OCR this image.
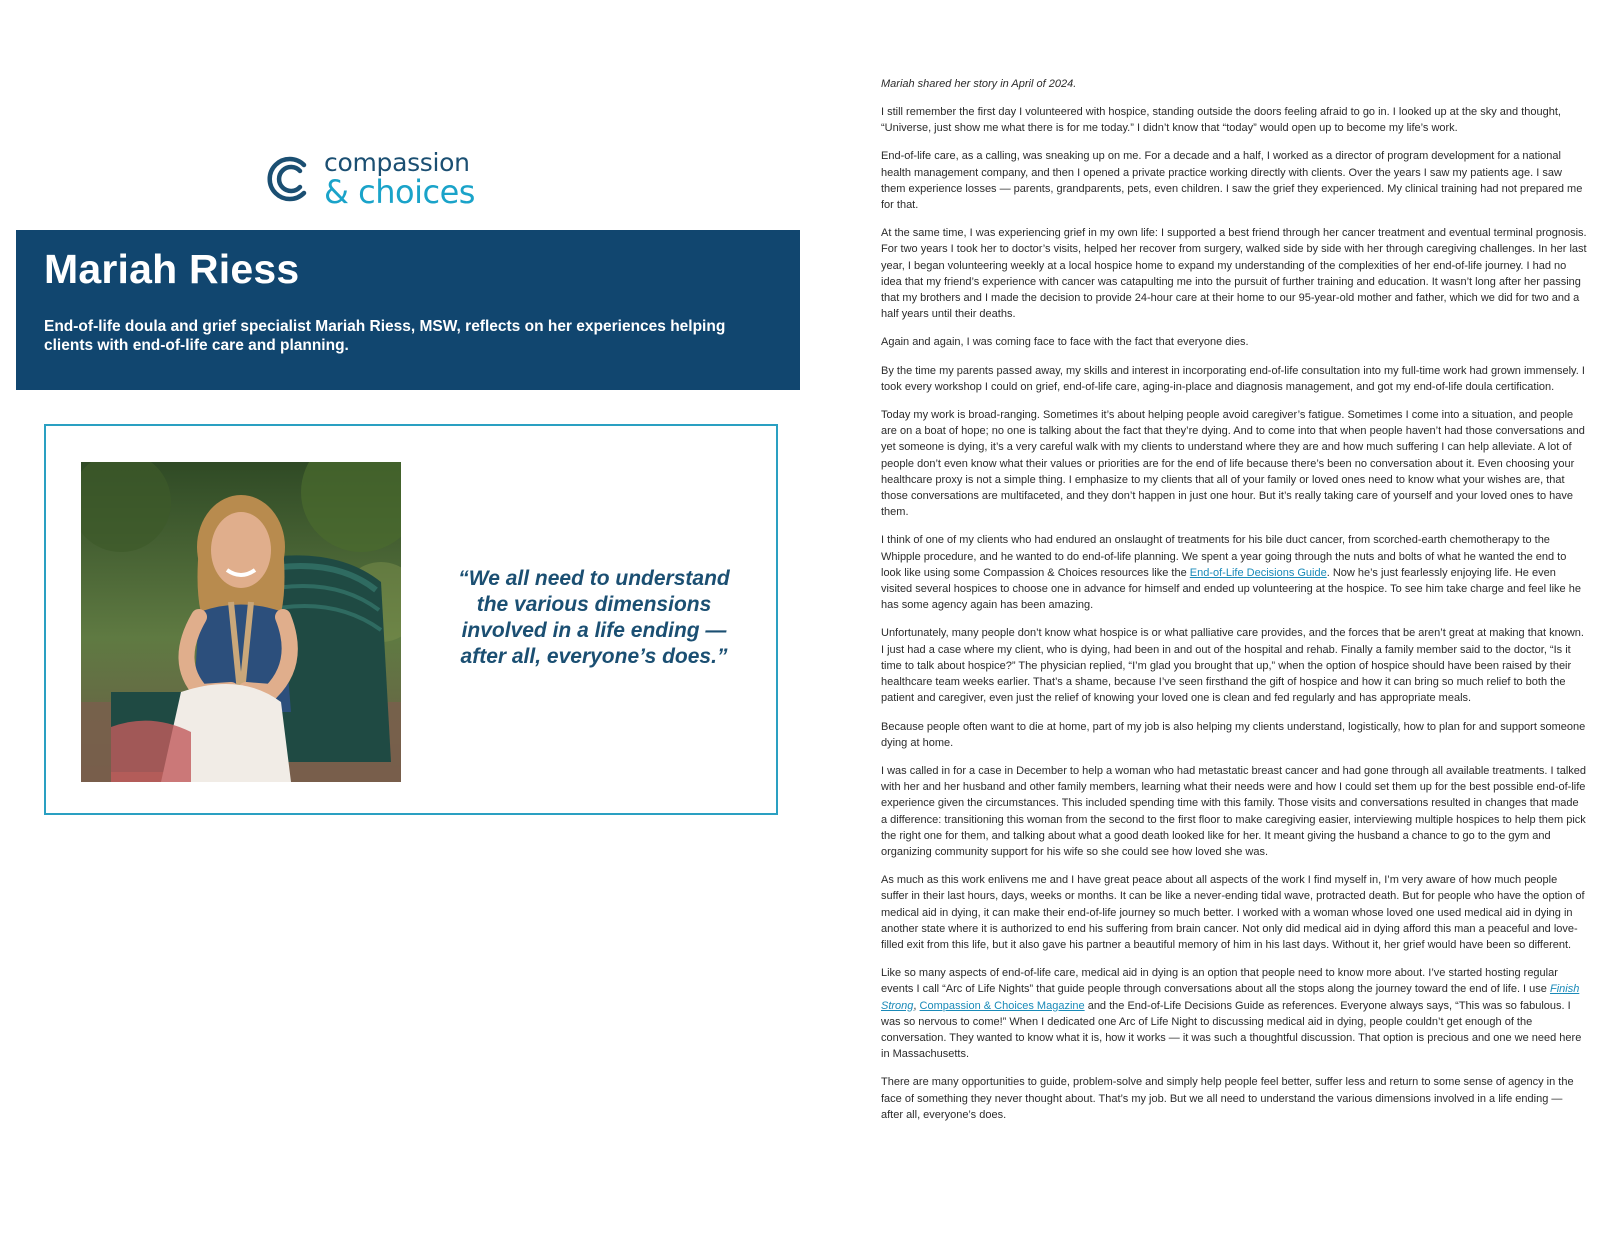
compassion
& choices
Mariah Riess

End-of-life doula and grief specialist Mariah Riess, MSW, reflects on her experiences helping clients with end-of-life care and planning.

“We all need to understand the various dimensions involved in a life ending — after all, everyone’s does.”

Mariah shared her story in April of 2024.

I still remember the first day I volunteered with hospice, standing outside the doors feeling afraid to go in. I looked up at the sky and thought, “Universe, just show me what there is for me today.” I didn’t know that “today” would open up to become my life’s work.

End-of-life care, as a calling, was sneaking up on me. For a decade and a half, I worked as a director of program development for a national health management company, and then I opened a private practice working directly with clients. Over the years I saw my patients age. I saw them experience losses — parents, grandparents, pets, even children. I saw the grief they experienced. My clinical training had not prepared me for that.

At the same time, I was experiencing grief in my own life: I supported a best friend through her cancer treatment and eventual terminal prognosis. For two years I took her to doctor’s visits, helped her recover from surgery, walked side by side with her through caregiving challenges. In her last year, I began volunteering weekly at a local hospice home to expand my understanding of the complexities of her end-of-life journey. I had no idea that my friend’s experience with cancer was catapulting me into the pursuit of further training and education. It wasn’t long after her passing that my brothers and I made the decision to provide 24-hour care at their home to our 95-year-old mother and father, which we did for two and a half years until their deaths.

Again and again, I was coming face to face with the fact that everyone dies.

By the time my parents passed away, my skills and interest in incorporating end-of-life consultation into my full-time work had grown immensely. I took every workshop I could on grief, end-of-life care, aging-in-place and diagnosis management, and got my end-of-life doula certification.

Today my work is broad-ranging. Sometimes it’s about helping people avoid caregiver’s fatigue. Sometimes I come into a situation, and people are on a boat of hope; no one is talking about the fact that they’re dying. And to come into that when people haven’t had those conversations and yet someone is dying, it’s a very careful walk with my clients to understand where they are and how much suffering I can help alleviate. A lot of people don’t even know what their values or priorities are for the end of life because there’s been no conversation about it. Even choosing your healthcare proxy is not a simple thing. I emphasize to my clients that all of your family or loved ones need to know what your wishes are, that those conversations are multifaceted, and they don’t happen in just one hour. But it’s really taking care of yourself and your loved ones to have them.

I think of one of my clients who had endured an onslaught of treatments for his bile duct cancer, from scorched-earth chemotherapy to the Whipple procedure, and he wanted to do end-of-life planning. We spent a year going through the nuts and bolts of what he wanted the end to look like using some Compassion & Choices resources like the End-of-Life Decisions Guide. Now he’s just fearlessly enjoying life. He even visited several hospices to choose one in advance for himself and ended up volunteering at the hospice. To see him take charge and feel like he has some agency again has been amazing.

Unfortunately, many people don’t know what hospice is or what palliative care provides, and the forces that be aren’t great at making that known. I just had a case where my client, who is dying, had been in and out of the hospital and rehab. Finally a family member said to the doctor, “Is it time to talk about hospice?” The physician replied, “I’m glad you brought that up,” when the option of hospice should have been raised by their healthcare team weeks earlier. That’s a shame, because I’ve seen firsthand the gift of hospice and how it can bring so much relief to both the patient and caregiver, even just the relief of knowing your loved one is clean and fed regularly and has appropriate meals.

Because people often want to die at home, part of my job is also helping my clients understand, logistically, how to plan for and support someone dying at home.

I was called in for a case in December to help a woman who had metastatic breast cancer and had gone through all available treatments. I talked with her and her husband and other family members, learning what their needs were and how I could set them up for the best possible end-of-life experience given the circumstances. This included spending time with this family. Those visits and conversations resulted in changes that made a difference: transitioning this woman from the second to the first floor to make caregiving easier, interviewing multiple hospices to help them pick the right one for them, and talking about what a good death looked like for her. It meant giving the husband a chance to go to the gym and organizing community support for his wife so she could see how loved she was.

As much as this work enlivens me and I have great peace about all aspects of the work I find myself in, I’m very aware of how much people suffer in their last hours, days, weeks or months. It can be like a never-ending tidal wave, protracted death. But for people who have the option of medical aid in dying, it can make their end-of-life journey so much better. I worked with a woman whose loved one used medical aid in dying in another state where it is authorized to end his suffering from brain cancer. Not only did medical aid in dying afford this man a peaceful and love-filled exit from this life, but it also gave his partner a beautiful memory of him in his last days. Without it, her grief would have been so different.

Like so many aspects of end-of-life care, medical aid in dying is an option that people need to know more about. I’ve started hosting regular events I call “Arc of Life Nights” that guide people through conversations about all the stops along the journey toward the end of life. I use Finish Strong, Compassion & Choices Magazine and the End-of-Life Decisions Guide as references. Everyone always says, “This was so fabulous. I was so nervous to come!” When I dedicated one Arc of Life Night to discussing medical aid in dying, people couldn’t get enough of the conversation. They wanted to know what it is, how it works — it was such a thoughtful discussion. That option is precious and one we need here in Massachusetts.

There are many opportunities to guide, problem-solve and simply help people feel better, suffer less and return to some sense of agency in the face of something they never thought about. That’s my job. But we all need to understand the various dimensions involved in a life ending — after all, everyone’s does.
